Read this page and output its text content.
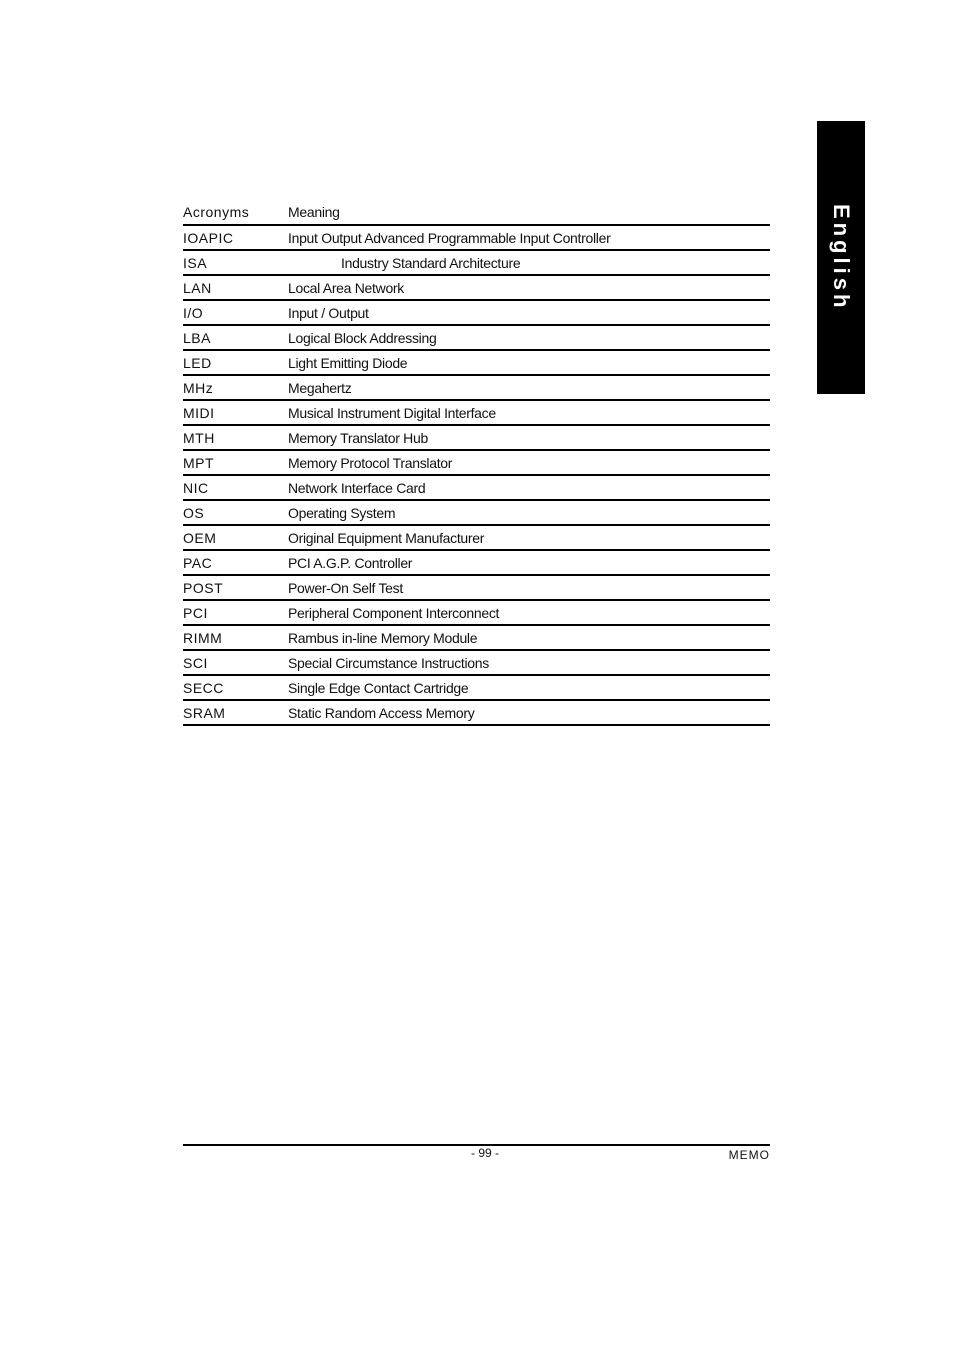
English
Acronyms	Meaning
IOAPIC	Input Output Advanced Programmable Input Controller
ISA	Industry Standard Architecture
LAN	Local Area Network
I/O	Input / Output
LBA	Logical Block Addressing
LED	Light Emitting Diode
MHz	Megahertz
MIDI	Musical Instrument Digital Interface
MTH	Memory Translator Hub
MPT	Memory Protocol Translator
NIC	Network Interface Card
OS	Operating System
OEM	Original Equipment Manufacturer
PAC	PCI A.G.P. Controller
POST	Power-On Self Test
PCI	Peripheral Component Interconnect
RIMM	Rambus in-line Memory Module
SCI	Special Circumstance Instructions
SECC	Single Edge Contact Cartridge
SRAM	Static Random Access Memory
- 99 -	MEMO
